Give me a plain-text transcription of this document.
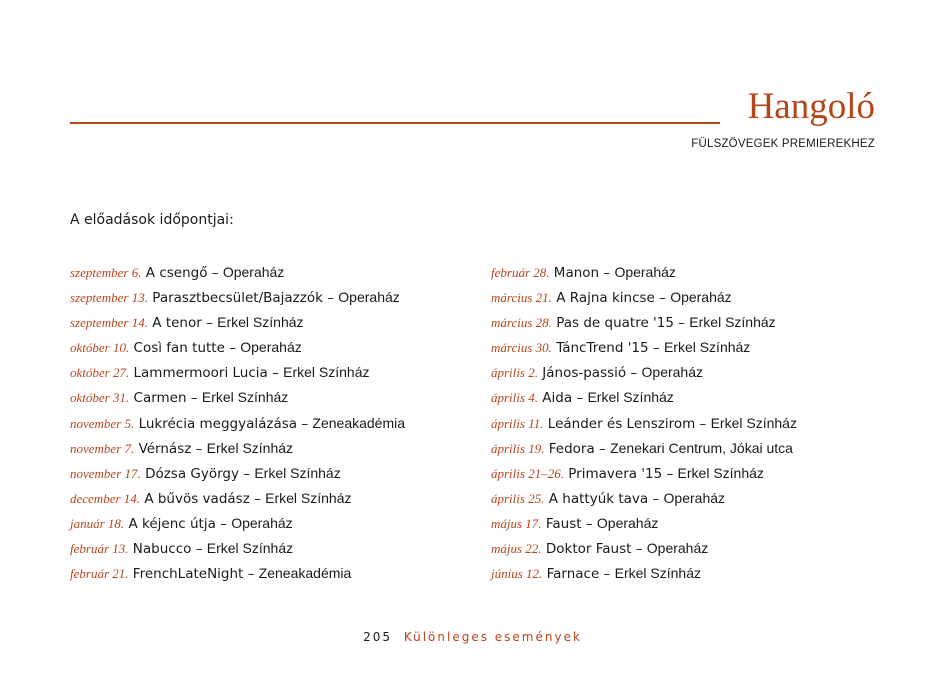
Hangoló
FÜLSZÖVEGEK PREMIEREKHEZ
A előadások időpontjai:
szeptember 6. A csengő – Operaház
szeptember 13. Parasztbecsület/Bajazzók – Operaház
szeptember 14. A tenor – Erkel Színház
október 10. Così fan tutte – Operaház
október 27. Lammermoori Lucia – Erkel Színház
október 31. Carmen – Erkel Színház
november 5. Lukrécia meggyalázása – Zeneakadémia
november 7. Vérnász – Erkel Színház
november 17. Dózsa György – Erkel Színház
december 14. A bűvös vadász – Erkel Színház
január 18. A kéjenc útja – Operaház
február 13. Nabucco – Erkel Színház
február 21. FrenchLateNight – Zeneakadémia
február 28. Manon – Operaház
március 21. A Rajna kincse – Operaház
március 28. Pas de quatre '15 – Erkel Színház
március 30. TáncTrend '15 – Erkel Színház
április 2. János-passió – Operaház
április 4. Aida – Erkel Színház
április 11. Leánder és Lenszirom – Erkel Színház
április 19. Fedora – Zenekari Centrum, Jókai utca
április 21–26. Primavera '15 – Erkel Színház
április 25. A hattyúk tava – Operaház
május 17. Faust – Operaház
május 22. Doktor Faust – Operaház
június 12. Farnace – Erkel Színház
205 Különleges események
